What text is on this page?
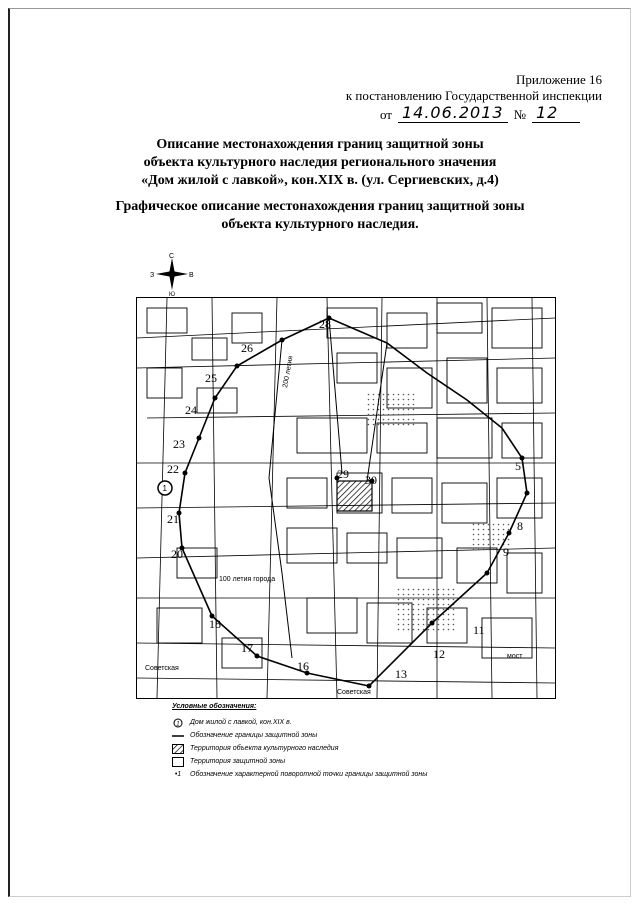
Приложение 16
к постановлению Государственной инспекции
от 14.06.2013 № 12
Описание местонахождения границ защитной зоны
объекта культурного наследия регионального значения
«Дом жилой с лавкой», кон.XIX в. (ул. Сергиевских, д.4)
Графическое описание местонахождения границ защитной зоны
объекта культурного наследия.
С
Ю
З	В
1
5
8
9
11
12
13
16
17
18
20
21
22
23
24
25
26
28
29 30
Советская
Советская
100 летия города
200 летия
мост
Условные обозначения:
1 Дом жилой с лавкой, кон.XIX в.
Обозначение границы защитной зоны
Территория объекта культурного наследия
Территория защитной зоны
•1	Обозначение характерной поворотной точки границы защитной зоны
